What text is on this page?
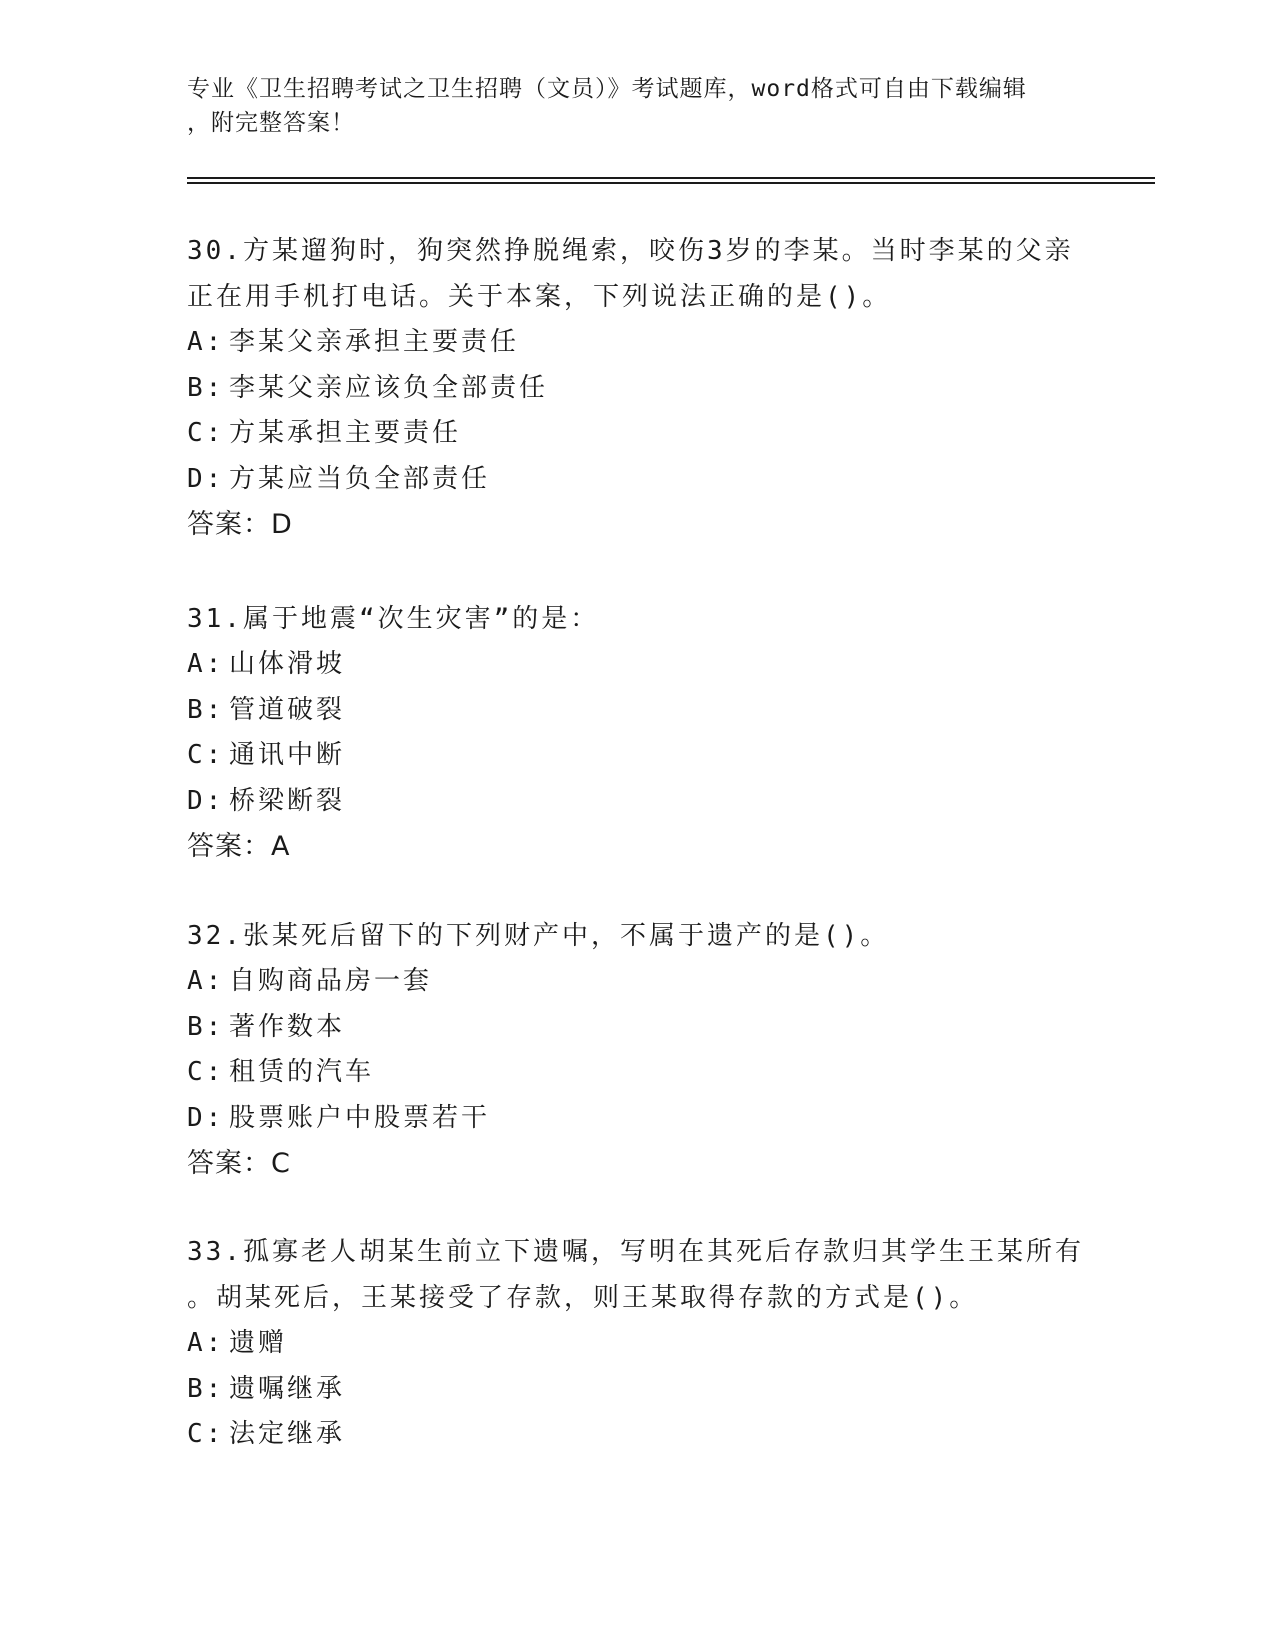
专业《卫生招聘考试之卫生招聘（文员）》考试题库，word格式可自由下载编辑
，附完整答案！
30.方某遛狗时，狗突然挣脱绳索，咬伤3岁的李某。当时李某的父亲
正在用手机打电话。关于本案，下列说法正确的是()。
A: 李某父亲承担主要责任
B: 李某父亲应该负全部责任
C: 方某承担主要责任
D: 方某应当负全部责任
答案：D
31.属于地震“次生灾害”的是：
A: 山体滑坡
B: 管道破裂
C: 通讯中断
D: 桥梁断裂
答案：A
32.张某死后留下的下列财产中，不属于遗产的是()。
A: 自购商品房一套
B: 著作数本
C: 租赁的汽车
D: 股票账户中股票若干
答案：C
33.孤寡老人胡某生前立下遗嘱，写明在其死后存款归其学生王某所有
。胡某死后，王某接受了存款，则王某取得存款的方式是()。
A: 遗赠
B: 遗嘱继承
C: 法定继承
